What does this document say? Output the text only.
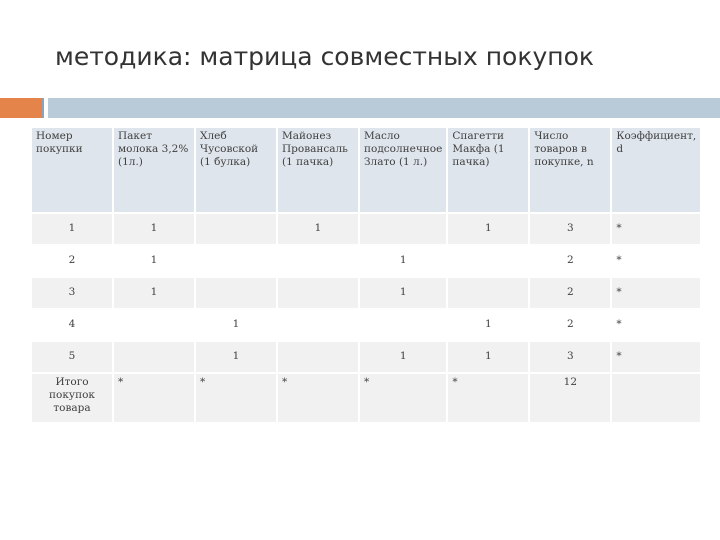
методика: матрица совместных покупок
Номер покупки	Пакет молока 3,2% (1л.)	Хлеб Чусовской (1 булка)	Майонез Провансаль (1 пачка)	Масло подсолнечное Злато (1 л.)	Спагетти Макфа (1 пачка)	Число товаров в покупке, n	Коэффициент, d
1	1		1		1	3	*
2	1			1		2	*
3	1			1		2	*
4		1			1	2	*
5		1		1	1	3	*
Итого покупок товара	*	*	*	*	*	12	
